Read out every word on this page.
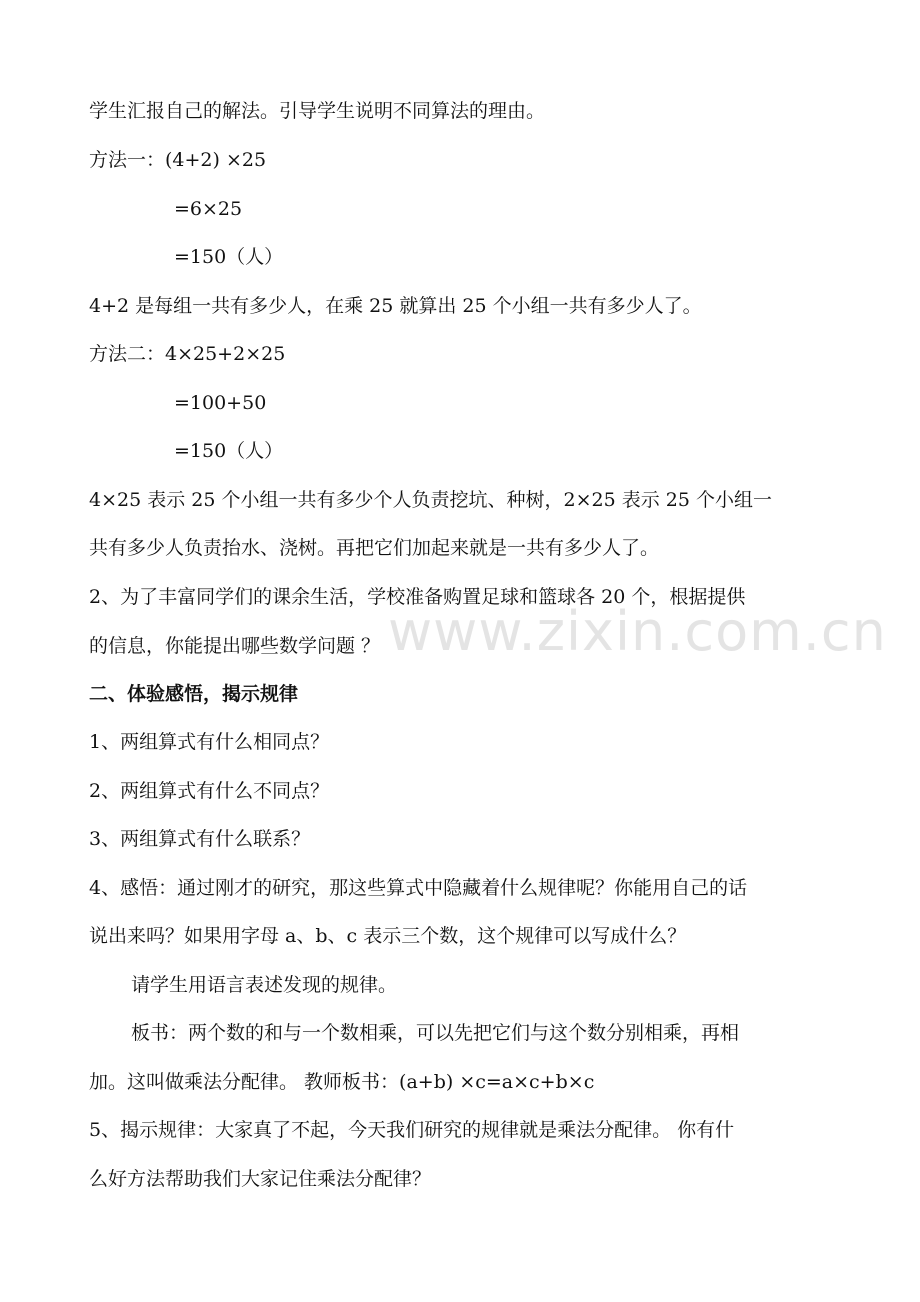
www.zixin.com.cn
学生汇报自己的解法。引导学生说明不同算法的理由。
方法一：(4+2) ×25
=6×25
=150（人）
4+2 是每组一共有多少人，在乘 25 就算出 25 个小组一共有多少人了。
方法二：4×25+2×25
=100+50
=150（人）
4×25 表示 25 个小组一共有多少个人负责挖坑、种树，2×25 表示 25 个小组一
共有多少人负责抬水、浇树。再把它们加起来就是一共有多少人了。
2、为了丰富同学们的课余生活，学校准备购置足球和篮球各 20 个，根据提供
的信息，你能提出哪些数学问题 ？
二、体验感悟，揭示规律
1、两组算式有什么相同点？
2、两组算式有什么不同点？
3、两组算式有什么联系？
4、感悟：通过刚才的研究，那这些算式中隐藏着什么规律呢？你能用自己的话
说出来吗？如果用字母 a、b、c 表示三个数，这个规律可以写成什么？
请学生用语言表述发现的规律。
板书：两个数的和与一个数相乘，可以先把它们与这个数分别相乘，再相
加。这叫做乘法分配律。 教师板书：(a+b) ×c=a×c+b×c
5、揭示规律：大家真了不起，今天我们研究的规律就是乘法分配律。 你有什
么好方法帮助我们大家记住乘法分配律？
